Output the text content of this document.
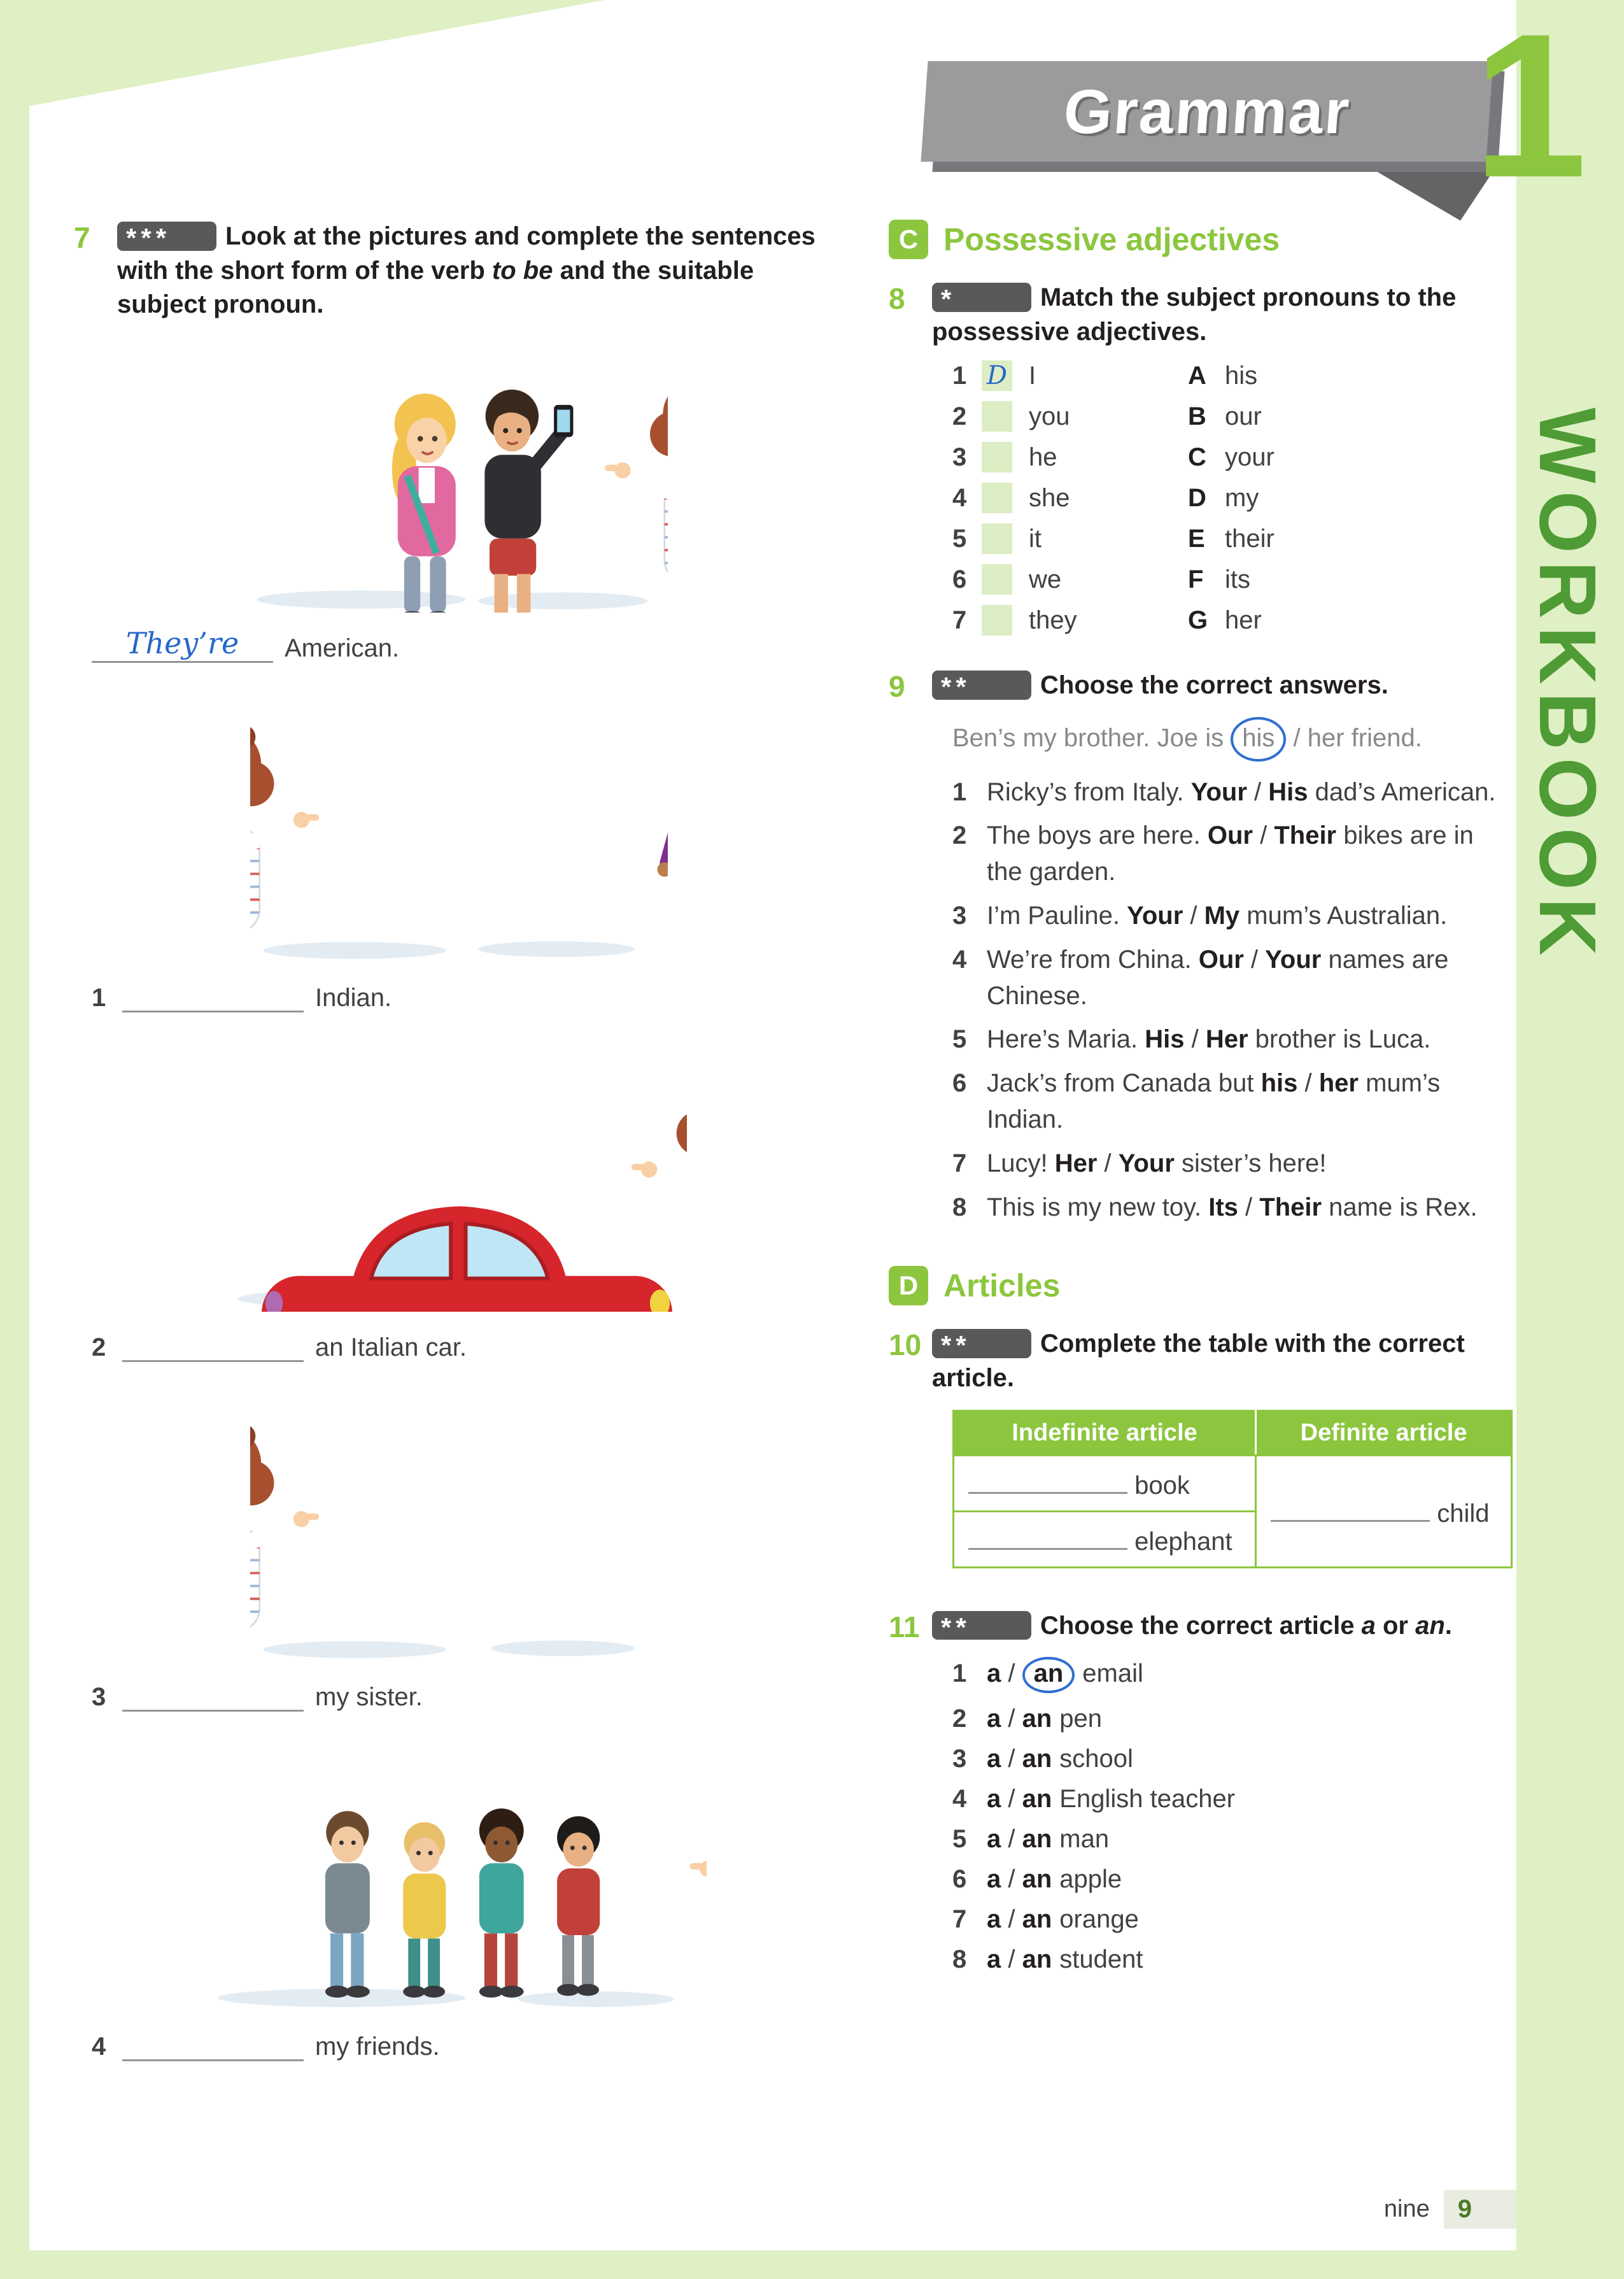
7	*** Look at the pictures and complete the sentences with the short form of the verb to be and the suitable subject pronoun.

They’re	American.
1	Indian.
2	an Italian car.
3	my sister.
4	my friends.
C Possessive adjectives
8	*	Match the subject pronouns to the possessive adjectives.

1 D I	A his
2	you	B our
3	he	C your
4	she	D my
5	it	E their
6	we	F its
7	they	G her
9	**	Choose the correct answers.

Ben’s my brother. Joe is his / her friend.
1 Ricky’s from Italy. Your / His dad’s American.
2 The boys are here. Our / Their bikes are in the garden.
3 I’m Pauline. Your / My mum’s Australian.
4 We’re from China. Our / Your names are Chinese.
5 Here’s Maria. His / Her brother is Luca.
6 Jack’s from Canada but his / her mum’s Indian.
7 Lucy! Her / Your sister’s here!
8 This is my new toy. Its / Their name is Rex.
D Articles
10 **	Complete the table with the correct article.

Indefinite article	Definite article
book	child
elephant	
11 **	Choose the correct article a or an.

1 a / an email
2 a / an pen
3 a / an school
4 a / an English teacher
5 a / an man
6 a / an apple
7 a / an orange
8 a / an student
nine	9
Grammar 1
WORKBOOK
